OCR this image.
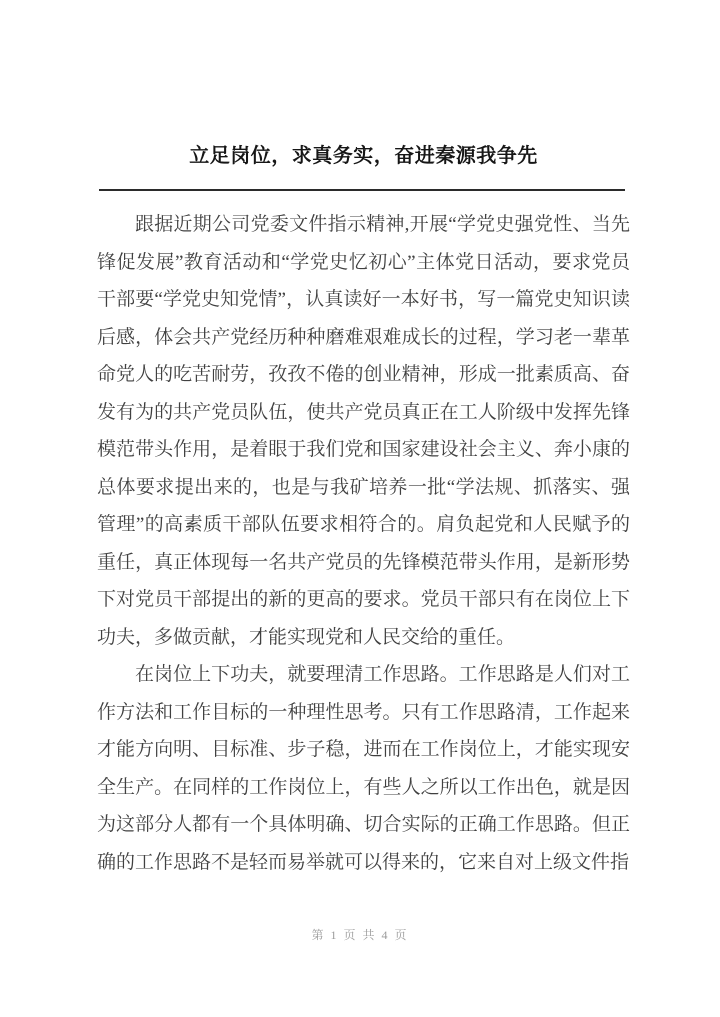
立足岗位，求真务实，奋进秦源我争先

跟据近期公司党委文件指示精神,开展“学党史强党性、当先锋促发展”教育活动和“学党史忆初心”主体党日活动，要求党员干部要“学党史知党情”，认真读好一本好书，写一篇党史知识读后感，体会共产党经历种种磨难艰难成长的过程，学习老一辈革命党人的吃苦耐劳，孜孜不倦的创业精神，形成一批素质高、奋发有为的共产党员队伍，使共产党员真正在工人阶级中发挥先锋模范带头作用，是着眼于我们党和国家建设社会主义、奔小康的总体要求提出来的，也是与我矿培养一批“学法规、抓落实、强管理”的高素质干部队伍要求相符合的。肩负起党和人民赋予的重任，真正体现每一名共产党员的先锋模范带头作用，是新形势下对党员干部提出的新的更高的要求。党员干部只有在岗位上下功夫，多做贡献，才能实现党和人民交给的重任。

在岗位上下功夫，就要理清工作思路。工作思路是人们对工作方法和工作目标的一种理性思考。只有工作思路清，工作起来才能方向明、目标准、步子稳，进而在工作岗位上，才能实现安全生产。在同样的工作岗位上，有些人之所以工作出色，就是因为这部分人都有一个具体明确、切合实际的正确工作思路。但正确的工作思路不是轻而易举就可以得来的，它来自对上级文件指

第 1 页 共 4 页
